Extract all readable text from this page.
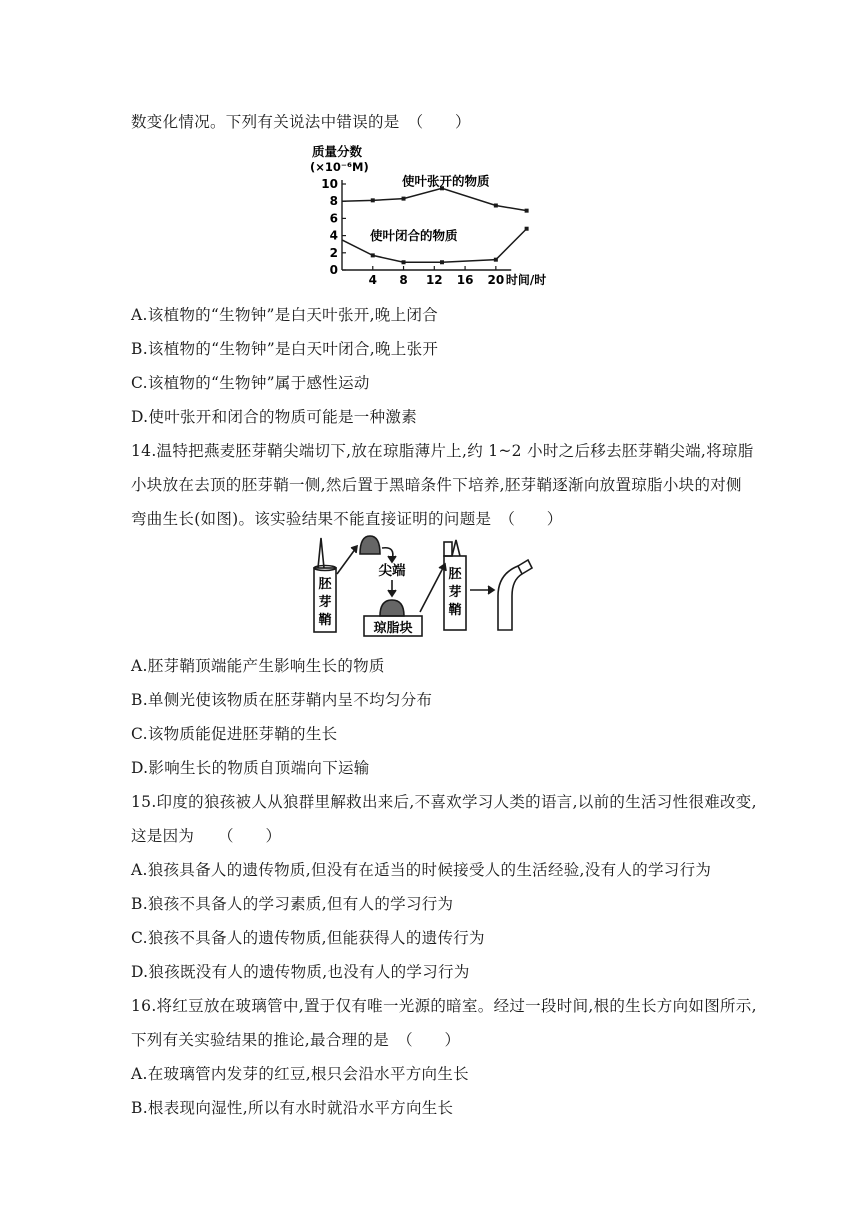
数变化情况。下列有关说法中错误的是　（　　）
质量分数
(×10⁻⁶M)
0
2
4
6
8
10
4 8 12 16 20 时间/时
使叶张开的物质
使叶闭合的物质
A.该植物的“生物钟”是白天叶张开,晚上闭合
B.该植物的“生物钟”是白天叶闭合,晚上张开
C.该植物的“生物钟”属于感性运动
D.使叶张开和闭合的物质可能是一种激素
14.温特把燕麦胚芽鞘尖端切下,放在琼脂薄片上,约 1~2 小时之后移去胚芽鞘尖端,将琼脂
小块放在去顶的胚芽鞘一侧,然后置于黑暗条件下培养,胚芽鞘逐渐向放置琼脂小块的对侧
弯曲生长(如图)。该实验结果不能直接证明的问题是　（　　）
胚
芽
鞘
尖端
琼脂块
胚
芽
鞘
A.胚芽鞘顶端能产生影响生长的物质
B.单侧光使该物质在胚芽鞘内呈不均匀分布
C.该物质能促进胚芽鞘的生长
D.影响生长的物质自顶端向下运输
15.印度的狼孩被人从狼群里解救出来后,不喜欢学习人类的语言,以前的生活习性很难改变,
这是因为　　（　　）
A.狼孩具备人的遗传物质,但没有在适当的时候接受人的生活经验,没有人的学习行为
B.狼孩不具备人的学习素质,但有人的学习行为
C.狼孩不具备人的遗传物质,但能获得人的遗传行为
D.狼孩既没有人的遗传物质,也没有人的学习行为
16.将红豆放在玻璃管中,置于仅有唯一光源的暗室。经过一段时间,根的生长方向如图所示,
下列有关实验结果的推论,最合理的是　（　　）
A.在玻璃管内发芽的红豆,根只会沿水平方向生长
B.根表现向湿性,所以有水时就沿水平方向生长
